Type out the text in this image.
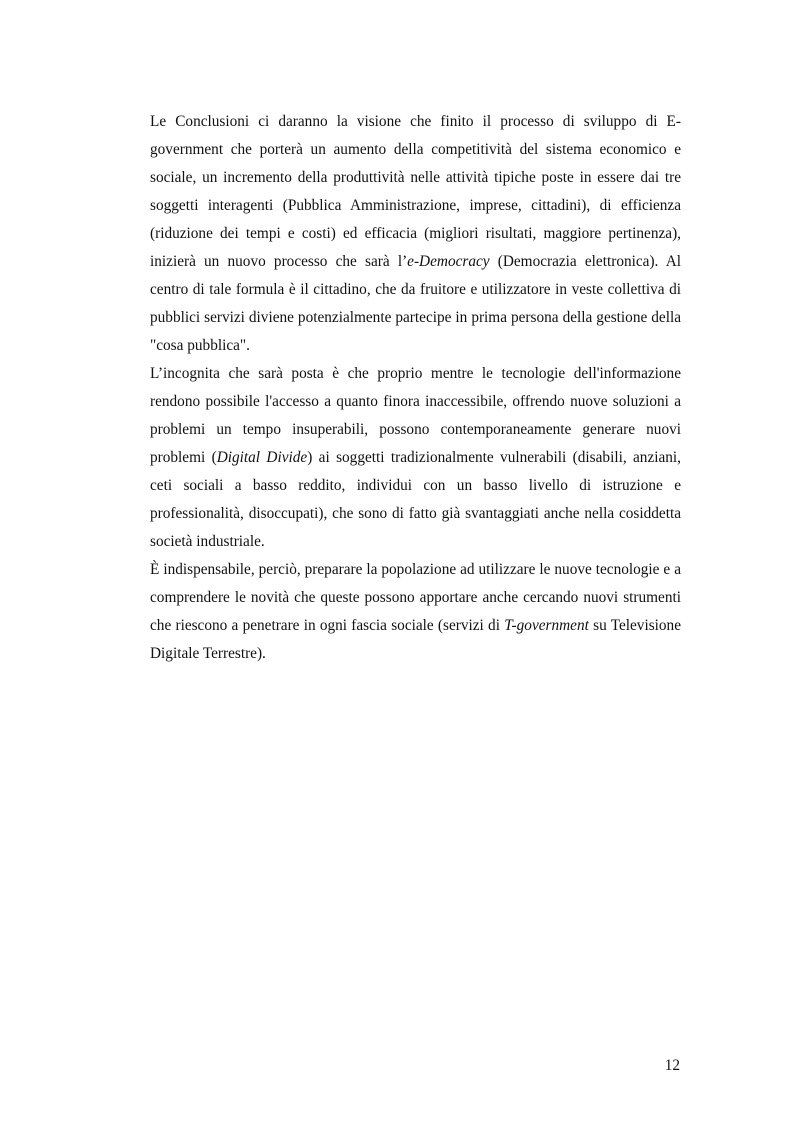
Le Conclusioni ci daranno la visione che finito il processo di sviluppo di E-government che porterà un aumento della competitività del sistema economico e sociale, un incremento della produttività nelle attività tipiche poste in essere dai tre soggetti interagenti (Pubblica Amministrazione, imprese, cittadini), di efficienza (riduzione dei tempi e costi) ed efficacia (migliori risultati, maggiore pertinenza), inizierà un nuovo processo che sarà l’e-Democracy (Democrazia elettronica). Al centro di tale formula è il cittadino, che da fruitore e utilizzatore in veste collettiva di pubblici servizi diviene potenzialmente partecipe in prima persona della gestione della "cosa pubblica".

L’incognita che sarà posta è che proprio mentre le tecnologie dell'informazione rendono possibile l'accesso a quanto finora inaccessibile, offrendo nuove soluzioni a problemi un tempo insuperabili, possono contemporaneamente generare nuovi problemi (Digital Divide) ai soggetti tradizionalmente vulnerabili (disabili, anziani, ceti sociali a basso reddito, individui con un basso livello di istruzione e professionalità, disoccupati), che sono di fatto già svantaggiati anche nella cosiddetta società industriale.

È indispensabile, perciò, preparare la popolazione ad utilizzare le nuove tecnologie e a comprendere le novità che queste possono apportare anche cercando nuovi strumenti che riescono a penetrare in ogni fascia sociale (servizi di T-government su Televisione Digitale Terrestre).

12
